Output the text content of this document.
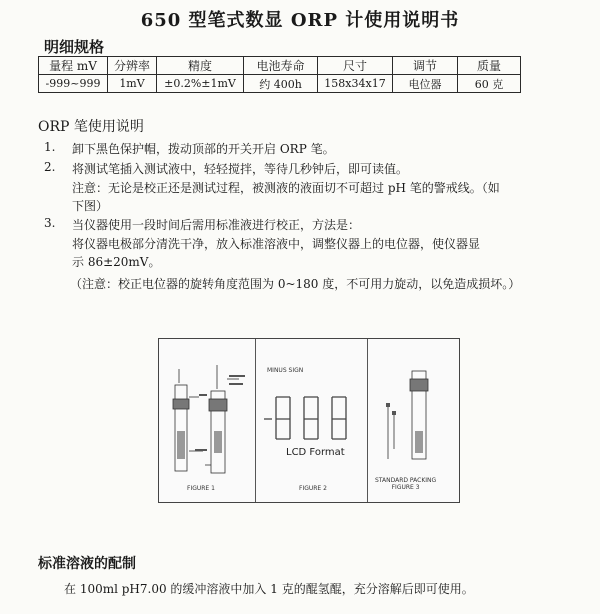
650 型笔式数显 ORP 计使用说明书
明细规格
量程 mV	分辨率	精度	电池寿命	尺寸	调节	质量
-999~999	1mV	±0.2%±1mV	约 400h	158x34x17	电位器	60 克
ORP 笔使用说明
1. 卸下黑色保护帽，拨动顶部的开关开启 ORP 笔。
2. 将测试笔插入测试液中，轻轻搅拌，等待几秒钟后，即可读值。
注意：无论是校正还是测试过程，被测液的液面切不可超过 pH 笔的警戒线。（如
下图）
3. 当仪器使用一段时间后需用标准液进行校正，方法是：
将仪器电极部分清洗干净，放入标准溶液中，调整仪器上的电位器，使仪器显
示 86±20mV。
（注意：校正电位器的旋转角度范围为 0~180 度，不可用力旋动，以免造成损坏。）
FIGURE 1
MINUS SIGN
LCD Format
FIGURE 2
STANDARD PACKING
FIGURE 3
标准溶液的配制
在 100ml pH7.00 的缓冲溶液中加入 1 克的醌氢醌，充分溶解后即可使用。
